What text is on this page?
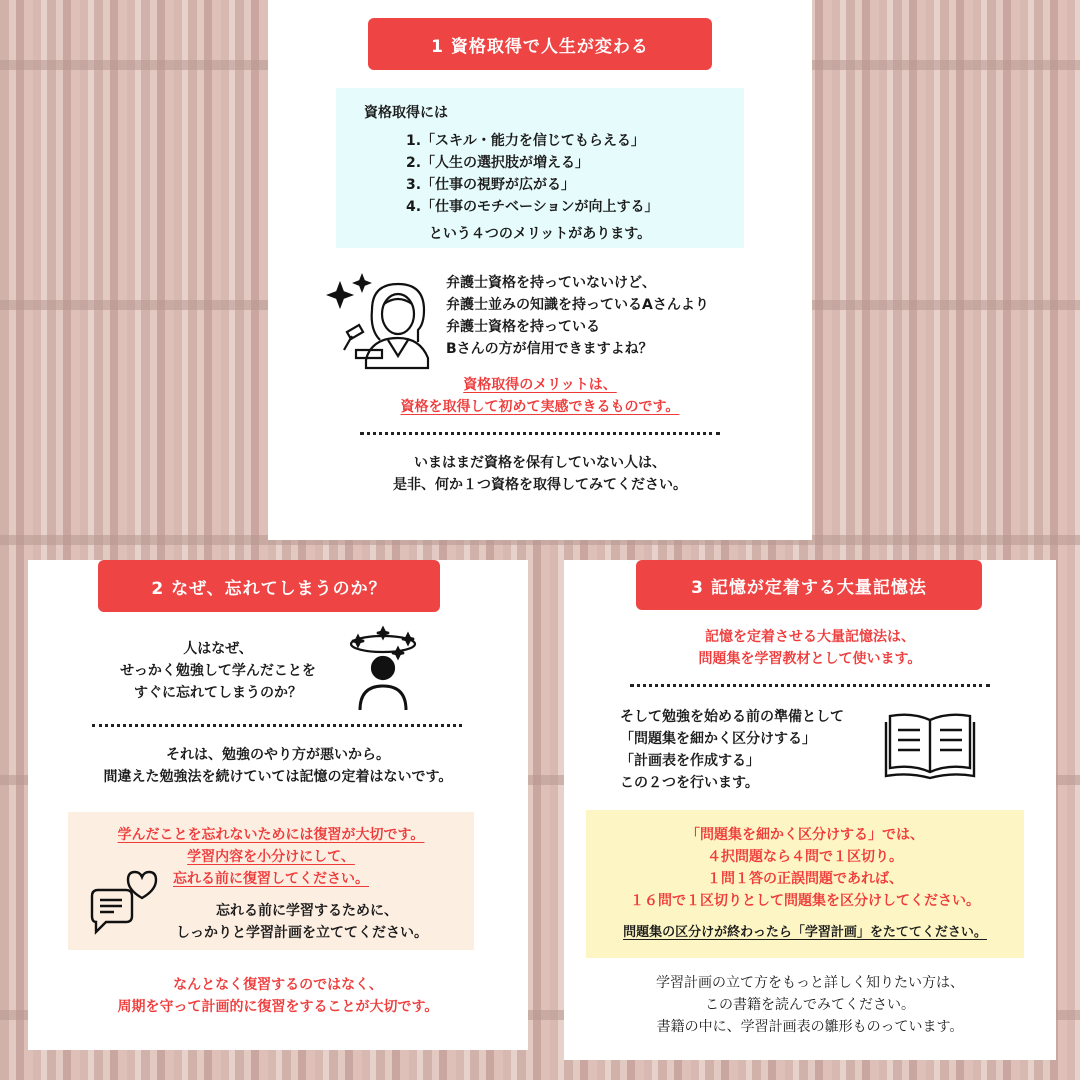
1 資格取得で人生が変わる
資格取得には
1.「スキル・能力を信じてもらえる」
2.「人生の選択肢が増える」
3.「仕事の視野が広がる」
4.「仕事のモチベーションが向上する」
という４つのメリットがあります。
弁護士資格を持っていないけど、
弁護士並みの知識を持っているAさんより
弁護士資格を持っている
Bさんの方が信用できますよね？
資格取得のメリットは、
資格を取得して初めて実感できるものです。
いまはまだ資格を保有していない人は、
是非、何か１つ資格を取得してみてください。
2 なぜ、忘れてしまうのか？
人はなぜ、
せっかく勉強して学んだことを
すぐに忘れてしまうのか？
それは、勉強のやり方が悪いから。
間違えた勉強法を続けていては記憶の定着はないです。
学んだことを忘れないためには復習が大切です。
学習内容を小分けにして、
忘れる前に復習してください。
忘れる前に学習するために、
しっかりと学習計画を立ててください。
なんとなく復習するのではなく、
周期を守って計画的に復習をすることが大切です。
3 記憶が定着する大量記憶法
記憶を定着させる大量記憶法は、
問題集を学習教材として使います。
そして勉強を始める前の準備として
「問題集を細かく区分けする」
「計画表を作成する」
この２つを行います。
「問題集を細かく区分けする」では、
４択問題なら４問で１区切り。
１問１答の正誤問題であれば、
１６問で１区切りとして問題集を区分けしてください。
問題集の区分けが終わったら「学習計画」をたててください。
学習計画の立て方をもっと詳しく知りたい方は、
この書籍を読んでみてください。
書籍の中に、学習計画表の雛形ものっています。
